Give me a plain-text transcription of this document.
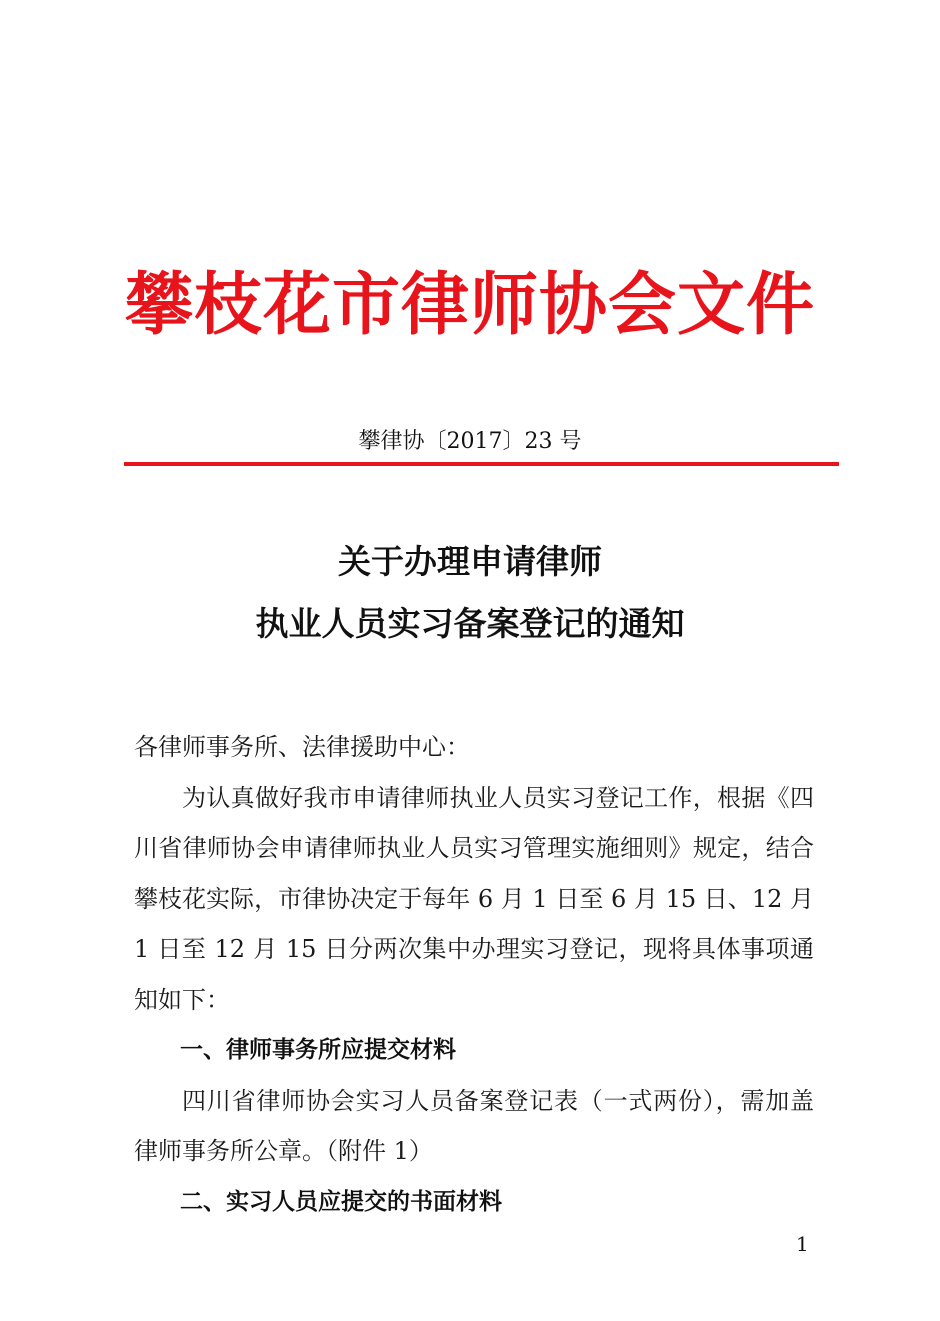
攀枝花市律师协会文件
攀律协〔2017〕23 号
关于办理申请律师
执业人员实习备案登记的通知

各律师事务所、法律援助中心：

为认真做好我市申请律师执业人员实习登记工作，根据《四川省律师协会申请律师执业人员实习管理实施细则》规定，结合攀枝花实际，市律协决定于每年 6 月 1 日至 6 月 15 日、12 月 1 日至 12 月 15 日分两次集中办理实习登记，现将具体事项通知如下：

一、律师事务所应提交材料

四川省律师协会实习人员备案登记表（一式两份），需加盖律师事务所公章。（附件 1）

二、实习人员应提交的书面材料

1
